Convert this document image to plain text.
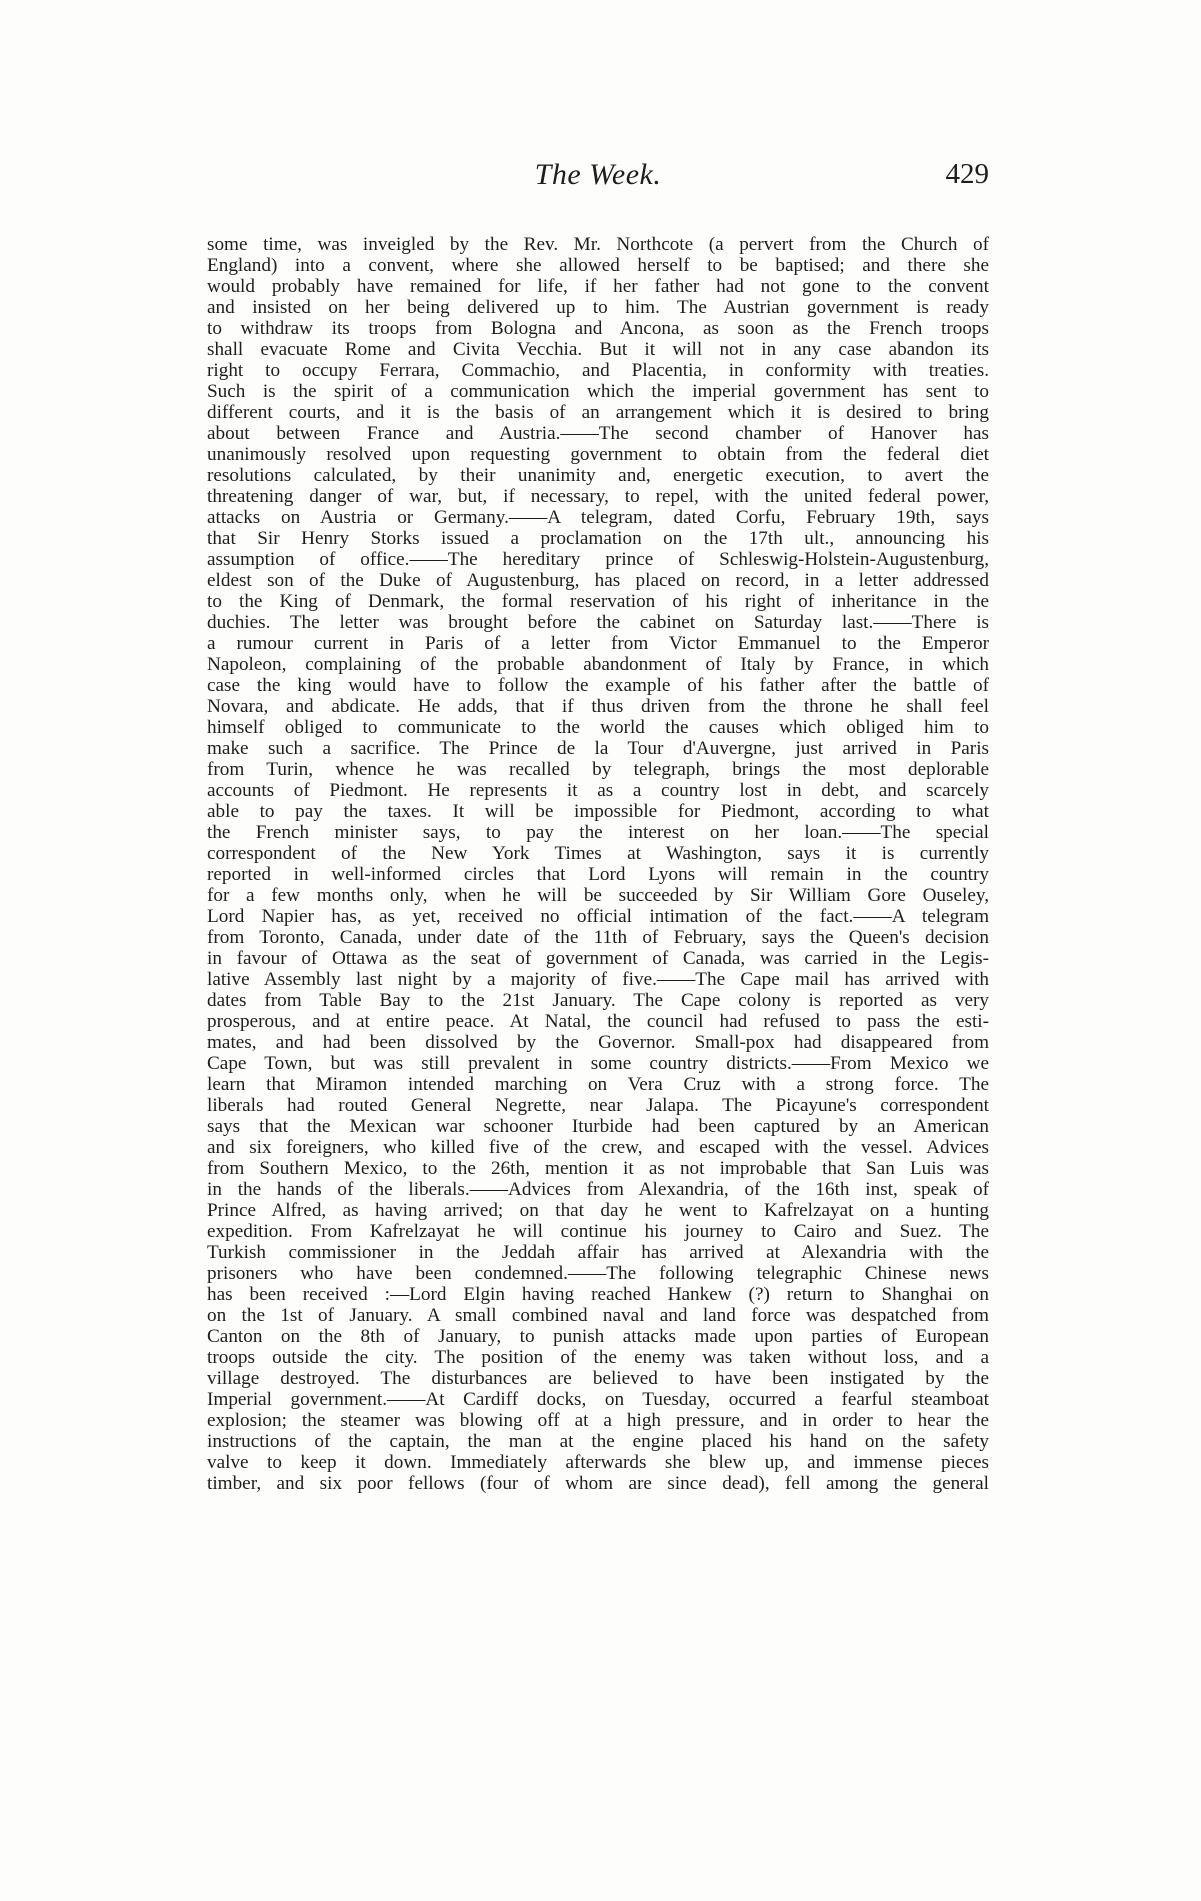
The Week.	429
some time, was inveigled by the Rev. Mr. Northcote (a pervert from the Church of
England) into a convent, where she allowed herself to be baptised; and there she
would probably have remained for life, if her father had not gone to the convent
and insisted on her being delivered up to him. The Austrian government is ready
to withdraw its troops from Bologna and Ancona, as soon as the French troops
shall evacuate Rome and Civita Vecchia. But it will not in any case abandon its
right to occupy Ferrara, Commachio, and Placentia, in conformity with treaties.
Such is the spirit of a communication which the imperial government has sent to
different courts, and it is the basis of an arrangement which it is desired to bring
about between France and Austria.——The second chamber of Hanover has
unanimously resolved upon requesting government to obtain from the federal diet
resolutions calculated, by their unanimity and, energetic execution, to avert the
threatening danger of war, but, if necessary, to repel, with the united federal power,
attacks on Austria or Germany.——A telegram, dated Corfu, February 19th, says
that Sir Henry Storks issued a proclamation on the 17th ult., announcing his
assumption of office.——The hereditary prince of Schleswig-Holstein-Augustenburg,
eldest son of the Duke of Augustenburg, has placed on record, in a letter addressed
to the King of Denmark, the formal reservation of his right of inheritance in the
duchies. The letter was brought before the cabinet on Saturday last.——There is
a rumour current in Paris of a letter from Victor Emmanuel to the Emperor
Napoleon, complaining of the probable abandonment of Italy by France, in which
case the king would have to follow the example of his father after the battle of
Novara, and abdicate. He adds, that if thus driven from the throne he shall feel
himself obliged to communicate to the world the causes which obliged him to
make such a sacrifice. The Prince de la Tour d'Auvergne, just arrived in Paris
from Turin, whence he was recalled by telegraph, brings the most deplorable
accounts of Piedmont. He represents it as a country lost in debt, and scarcely
able to pay the taxes. It will be impossible for Piedmont, according to what
the French minister says, to pay the interest on her loan.——The special
correspondent of the New York Times at Washington, says it is currently
reported in well-informed circles that Lord Lyons will remain in the country
for a few months only, when he will be succeeded by Sir William Gore Ouseley,
Lord Napier has, as yet, received no official intimation of the fact.——A telegram
from Toronto, Canada, under date of the 11th of February, says the Queen's decision
in favour of Ottawa as the seat of government of Canada, was carried in the Legis-
lative Assembly last night by a majority of five.——The Cape mail has arrived with
dates from Table Bay to the 21st January. The Cape colony is reported as very
prosperous, and at entire peace. At Natal, the council had refused to pass the esti-
mates, and had been dissolved by the Governor. Small-pox had disappeared from
Cape Town, but was still prevalent in some country districts.——From Mexico we
learn that Miramon intended marching on Vera Cruz with a strong force. The
liberals had routed General Negrette, near Jalapa. The Picayune's correspondent
says that the Mexican war schooner Iturbide had been captured by an American
and six foreigners, who killed five of the crew, and escaped with the vessel. Advices
from Southern Mexico, to the 26th, mention it as not improbable that San Luis was
in the hands of the liberals.——Advices from Alexandria, of the 16th inst, speak of
Prince Alfred, as having arrived; on that day he went to Kafrelzayat on a hunting
expedition. From Kafrelzayat he will continue his journey to Cairo and Suez. The
Turkish commissioner in the Jeddah affair has arrived at Alexandria with the
prisoners who have been condemned.——The following telegraphic Chinese news
has been received :—Lord Elgin having reached Hankew (?) return to Shanghai on
on the 1st of January. A small combined naval and land force was despatched from
Canton on the 8th of January, to punish attacks made upon parties of European
troops outside the city. The position of the enemy was taken without loss, and a
village destroyed. The disturbances are believed to have been instigated by the
Imperial government.——At Cardiff docks, on Tuesday, occurred a fearful steamboat
explosion; the steamer was blowing off at a high pressure, and in order to hear the
instructions of the captain, the man at the engine placed his hand on the safety
valve to keep it down. Immediately afterwards she blew up, and immense pieces
timber, and six poor fellows (four of whom are since dead), fell among the general
